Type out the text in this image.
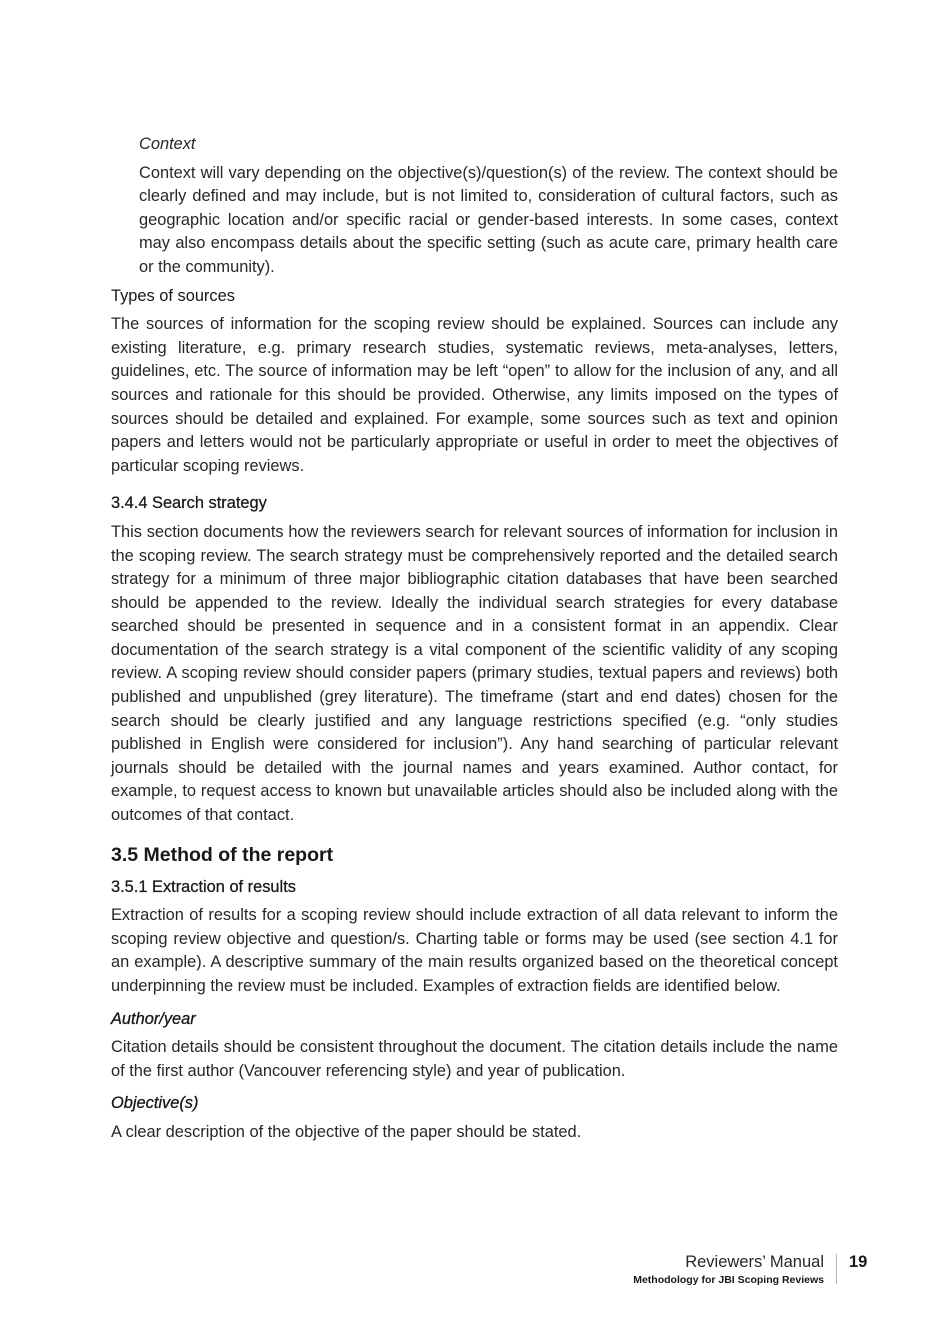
Context

Context will vary depending on the objective(s)/question(s) of the review. The context should be clearly defined and may include, but is not limited to, consideration of cultural factors, such as geographic location and/or specific racial or gender-based interests. In some cases, context may also encompass details about the specific setting (such as acute care, primary health care or the community).

Types of sources

The sources of information for the scoping review should be explained. Sources can include any existing literature, e.g. primary research studies, systematic reviews, meta-analyses, letters, guidelines, etc. The source of information may be left “open” to allow for the inclusion of any, and all sources and rationale for this should be provided. Otherwise, any limits imposed on the types of sources should be detailed and explained. For example, some sources such as text and opinion papers and letters would not be particularly appropriate or useful in order to meet the objectives of particular scoping reviews.

3.4.4 Search strategy

This section documents how the reviewers search for relevant sources of information for inclusion in the scoping review. The search strategy must be comprehensively reported and the detailed search strategy for a minimum of three major bibliographic citation databases that have been searched should be appended to the review. Ideally the individual search strategies for every database searched should be presented in sequence and in a consistent format in an appendix. Clear documentation of the search strategy is a vital component of the scientific validity of any scoping review. A scoping review should consider papers (primary studies, textual papers and reviews) both published and unpublished (grey literature). The timeframe (start and end dates) chosen for the search should be clearly justified and any language restrictions specified (e.g. “only studies published in English were considered for inclusion”). Any hand searching of particular relevant journals should be detailed with the journal names and years examined. Author contact, for example, to request access to known but unavailable articles should also be included along with the outcomes of that contact.

3.5 Method of the report
3.5.1 Extraction of results

Extraction of results for a scoping review should include extraction of all data relevant to inform the scoping review objective and question/s. Charting table or forms may be used (see section 4.1 for an example). A descriptive summary of the main results organized based on the theoretical concept underpinning the review must be included. Examples of extraction fields are identified below.

Author/year

Citation details should be consistent throughout the document. The citation details include the name of the first author (Vancouver referencing style) and year of publication.

Objective(s)

A clear description of the objective of the paper should be stated.

Reviewers’ Manual
Methodology for JBI Scoping Reviews
19
